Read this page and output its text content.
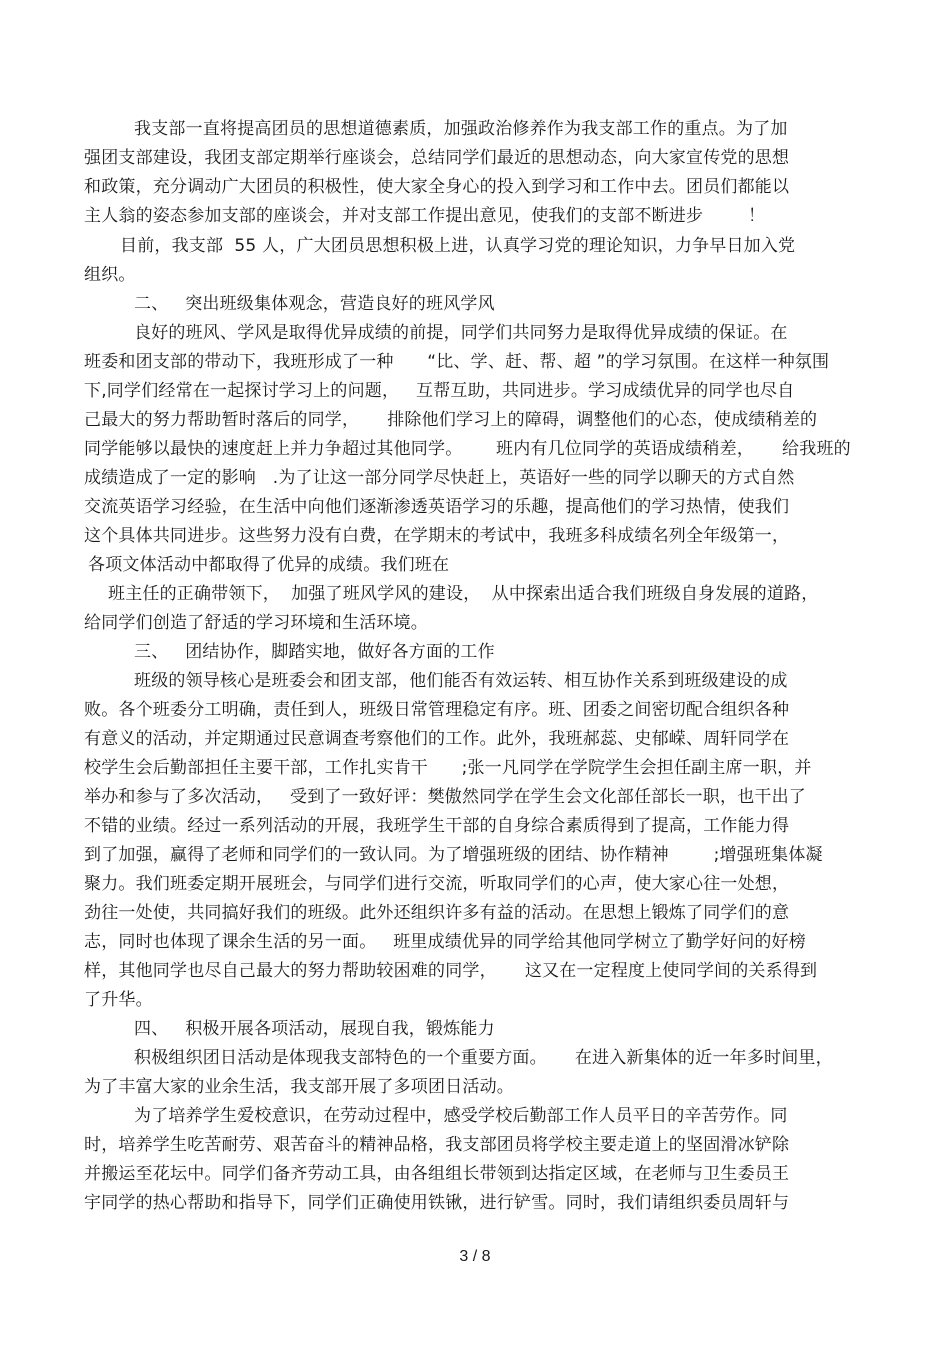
我支部一直将提高团员的思想道德素质，加强政治修养作为我支部工作的重点。为了加
强团支部建设，我团支部定期举行座谈会，总结同学们最近的思想动态，向大家宣传党的思想
和政策，充分调动广大团员的积极性，使大家全身心的投入到学习和工作中去。团员们都能以
主人翁的姿态参加支部的座谈会，并对支部工作提出意见，使我们的支部不断进步        ！
目前，我支部  55 人，广大团员思想积极上进，认真学习党的理论知识，力争早日加入党
组织。
二、   突出班级集体观念，营造良好的班风学风
良好的班风、学风是取得优异成绩的前提，同学们共同努力是取得优异成绩的保证。在
班委和团支部的带动下，我班形成了一种      “比、学、赶、帮、超 ”的学习氛围。在这样一种氛围
下,同学们经常在一起探讨学习上的问题，   互帮互助，共同进步。学习成绩优异的同学也尽自
己最大的努力帮助暂时落后的同学，     排除他们学习上的障碍，调整他们的心态，使成绩稍差的
同学能够以最快的速度赶上并力争超过其他同学。      班内有几位同学的英语成绩稍差，     给我班的
成绩造成了一定的影响   .为了让这一部分同学尽快赶上，英语好一些的同学以聊天的方式自然
交流英语学习经验，在生活中向他们逐渐渗透英语学习的乐趣，提高他们的学习热情，使我们
这个具体共同进步。这些努力没有白费，在学期末的考试中，我班多科成绩名列全年级第一，
各项文体活动中都取得了优异的成绩。我们班在
班主任的正确带领下，  加强了班风学风的建设，  从中探索出适合我们班级自身发展的道路，
给同学们创造了舒适的学习环境和生活环境。
三、   团结协作，脚踏实地，做好各方面的工作
班级的领导核心是班委会和团支部，他们能否有效运转、相互协作关系到班级建设的成
败。各个班委分工明确，责任到人，班级日常管理稳定有序。班、团委之间密切配合组织各种
有意义的活动，并定期通过民意调查考察他们的工作。此外，我班郝蕊、史郁嵘、周轩同学在
校学生会后勤部担任主要干部，工作扎实肯干      ;张一凡同学在学院学生会担任副主席一职，并
举办和参与了多次活动，   受到了一致好评：樊傲然同学在学生会文化部任部长一职，也干出了
不错的业绩。经过一系列活动的开展，我班学生干部的自身综合素质得到了提高，工作能力得
到了加强，赢得了老师和同学们的一致认同。为了增强班级的团结、协作精神        ;增强班集体凝
聚力。我们班委定期开展班会，与同学们进行交流，听取同学们的心声，使大家心往一处想，
劲往一处使，共同搞好我们的班级。此外还组织许多有益的活动。在思想上锻炼了同学们的意
志，同时也体现了课余生活的另一面。   班里成绩优异的同学给其他同学树立了勤学好问的好榜
样，其他同学也尽自己最大的努力帮助较困难的同学，     这又在一定程度上使同学间的关系得到
了升华。
四、   积极开展各项活动，展现自我，锻炼能力
积极组织团日活动是体现我支部特色的一个重要方面。     在进入新集体的近一年多时间里，
为了丰富大家的业余生活，我支部开展了多项团日活动。
为了培养学生爱校意识，在劳动过程中，感受学校后勤部工作人员平日的辛苦劳作。同
时，培养学生吃苦耐劳、艰苦奋斗的精神品格，我支部团员将学校主要走道上的坚固滑冰铲除
并搬运至花坛中。同学们备齐劳动工具，由各组组长带领到达指定区域，在老师与卫生委员王
宇同学的热心帮助和指导下，同学们正确使用铁锹，进行铲雪。同时，我们请组织委员周轩与
3 / 8
